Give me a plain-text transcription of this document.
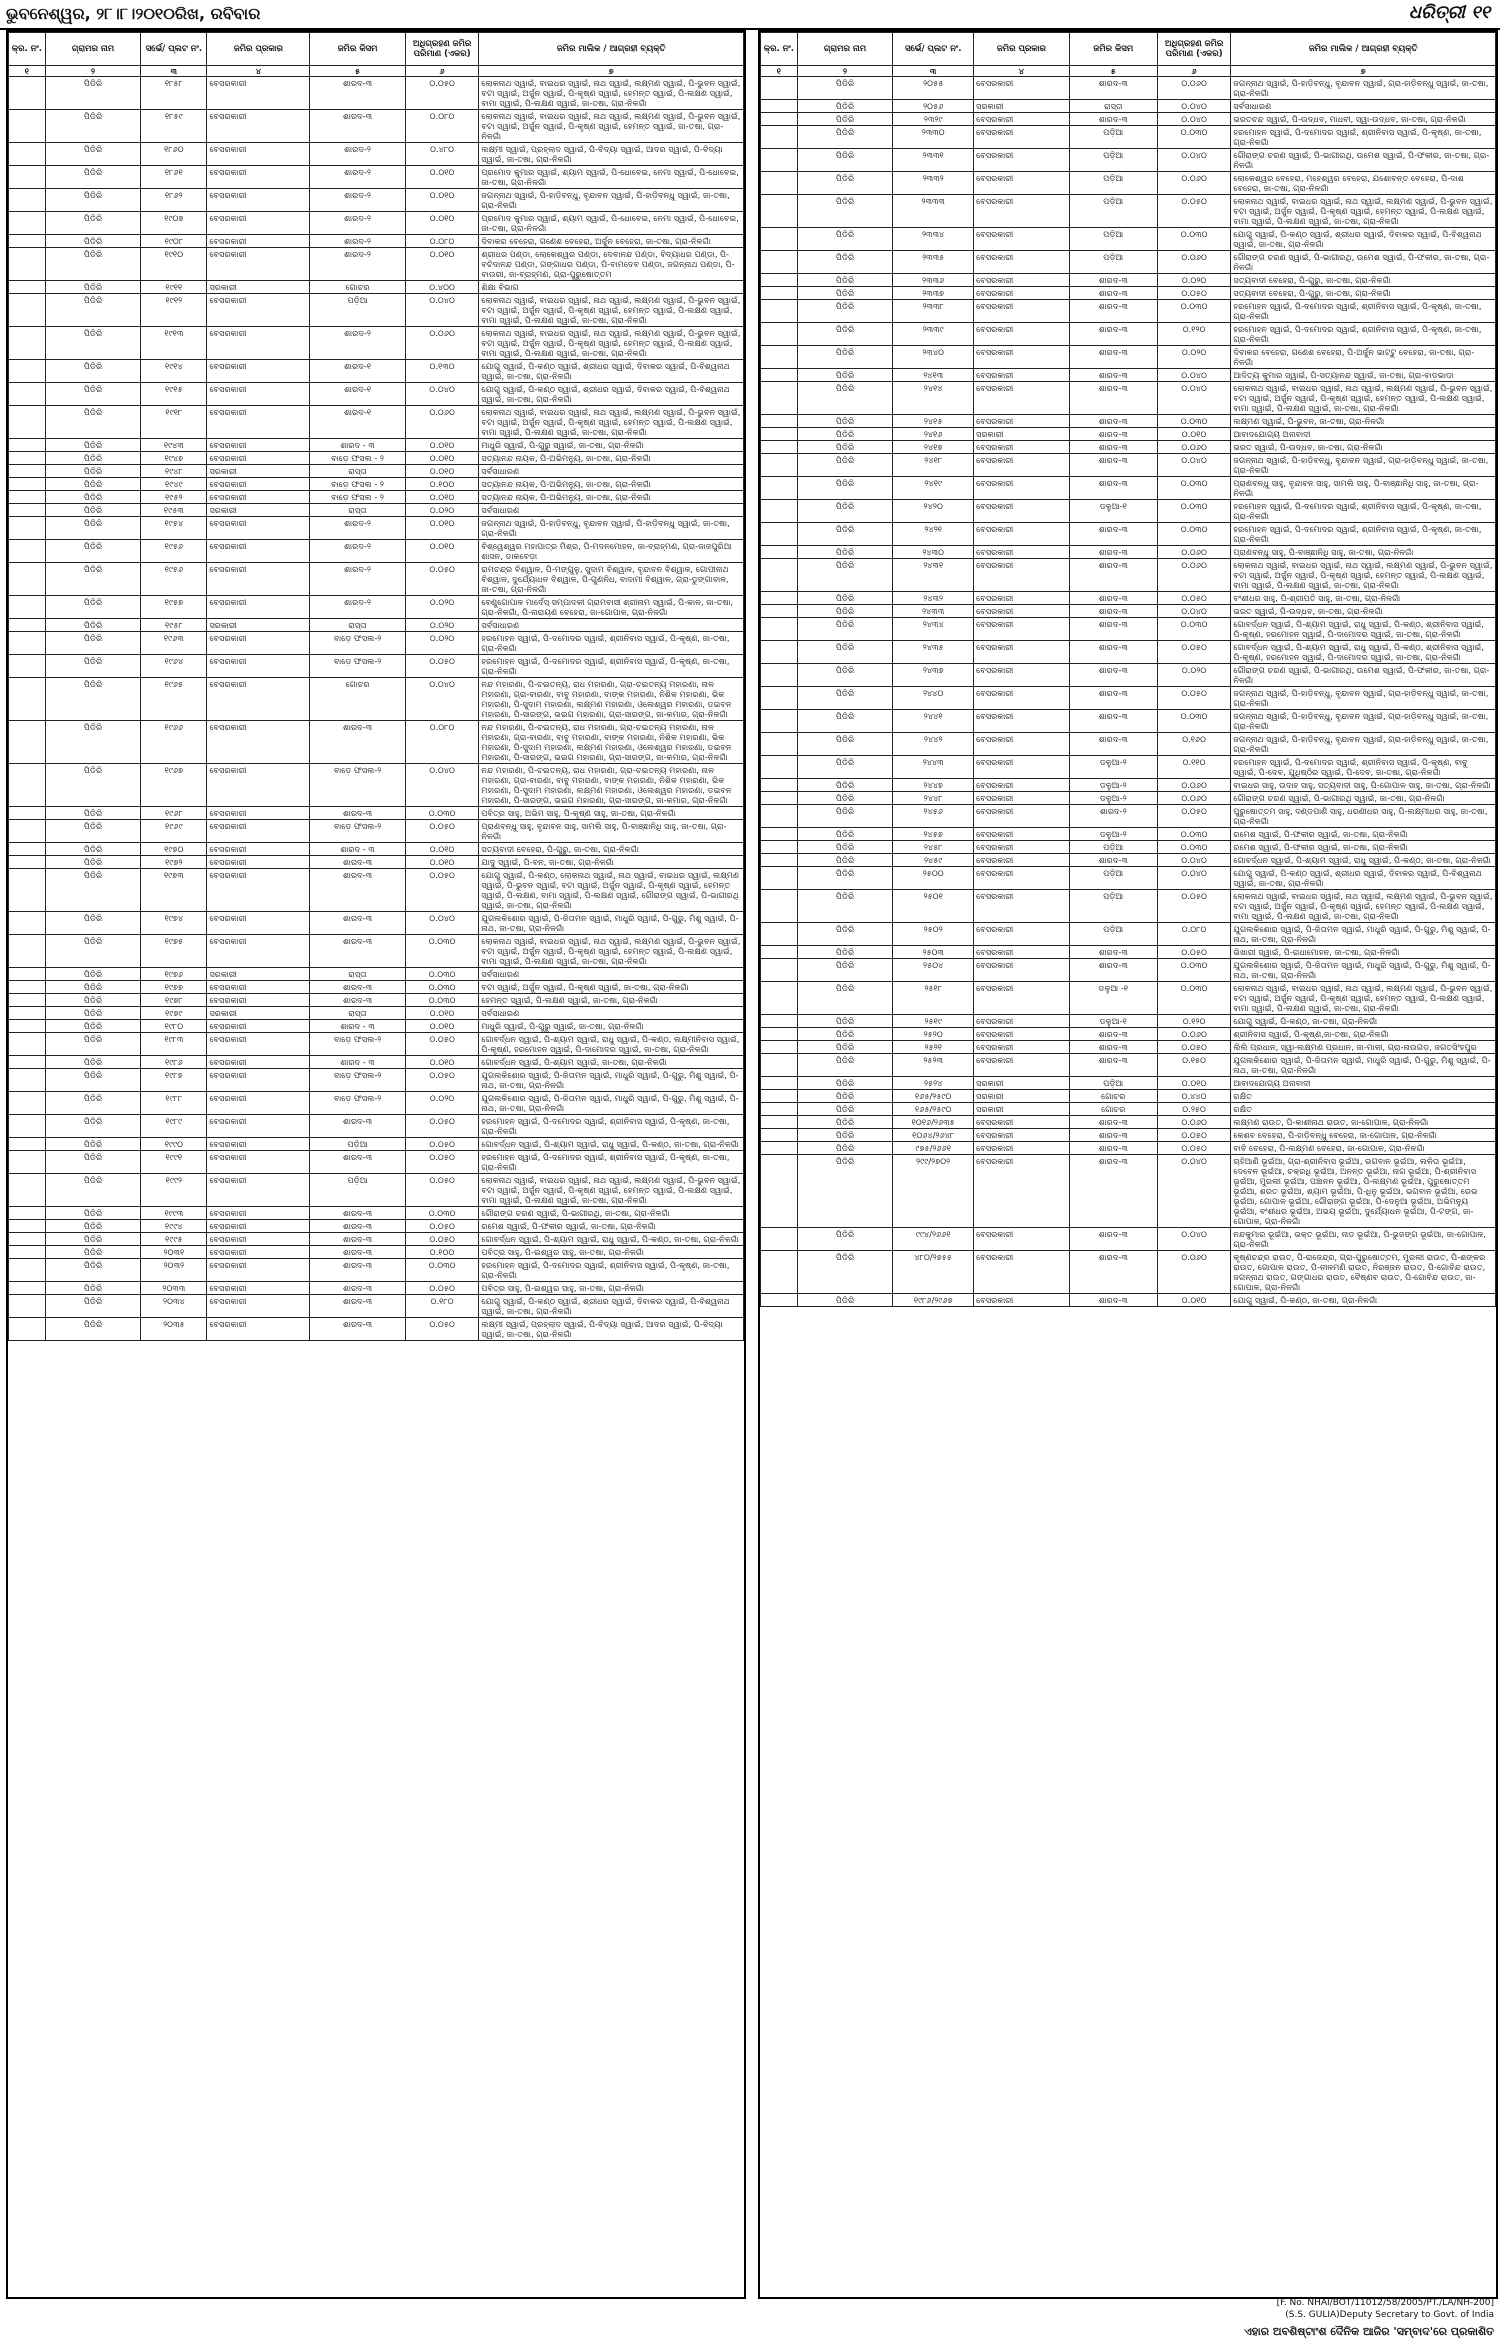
ଭୁବନେଶ୍ୱର, ୨୮।୮।୨୦୧୦ରିଖ, ରବିବାର	ଧରିତ୍ରୀ ୧୧
କ୍ର. ନଂ.	ଗ୍ରାମର ନାମ	ସର୍ଭେ/ ପ୍ଲଟ ନଂ.	ଜମିର ପ୍ରକାର	ଜମିର କିସମ	ଅଧିଗ୍ରହଣ ଜମିର ପରିମାଣ (ଏକର)	ଜମିର ମାଲିକ / ଆଗ୍ରହୀ ବ୍ୟକ୍ତି
୧	୨	୩	୪	୫	୬	୭
	ପିଡିରି	୧୮୫୮	ବେସରକାରୀ	ଶାରଦ-୩	୦.୦୫୦	ଲୋକନାଥ ସ୍ୱାଇଁ, ବାଇଧର ସ୍ୱାଇଁ, ନାଥ ସ୍ୱାଇଁ, ଲକ୍ଷ୍ମଣ ସ୍ୱାଇଁ, ପି-ଭୁବନ ସ୍ୱାଇଁ, ବଟା ସ୍ୱାଇଁ, ଅର୍ଜୁନ ସ୍ୱାଇଁ, ପି-କୃଷ୍ଣ ସ୍ୱାଇଁ, ହେମନ୍ତ ସ୍ୱାଇଁ, ପି-ଲକ୍ଷଣ ସ୍ୱାଇଁ, ବାମା ସ୍ୱାଇଁ, ପି-ଲକ୍ଷଣ ସ୍ୱାଇଁ, ଜା-ତଷା, ଗ୍ରା-ନିଳଗାଁ
	ପିଡିରି	୧୮୫୯	ବେସରକାରୀ	ଶାରଦ-୩	୦.୦୮୦	ଲୋକନାଥ ସ୍ୱାଇଁ, ବାଇଧର ସ୍ୱାଇଁ, ନାଥ ସ୍ୱାଇଁ, ଲକ୍ଷ୍ମଣ ସ୍ୱାଇଁ, ପି-ଭୁବନ ସ୍ୱାଇଁ, ବଟା ସ୍ୱାଇଁ, ଅର୍ଜୁନ ସ୍ୱାଇଁ, ପି-କୃଷ୍ଣ ସ୍ୱାଇଁ, ହେମନ୍ତ ସ୍ୱାଇଁ, ଜା-ତଷା, ଗ୍ରା-ନିଳଗାଁ
	ପିଡିରି	୧୮୬୦	ବେସରକାରୀ	ଶାରଦ-୨	୦.୪୮୦	ଲକ୍ଷ୍ମୀ ସ୍ୱାଇଁ, ପ୍ରହ୍ଲାଦ ସ୍ୱାଇଁ, ପି-ବିଦ୍ୟା ସ୍ୱାଇଁ, ଆଦର ସ୍ୱାଇଁ, ପି-ବିଦ୍ୟା ସ୍ୱାଇଁ, ଜା-ତଷା, ଗ୍ରା-ନିଳଗାଁ
	ପିଡିରି	୧୮୬୧	ବେସରକାରୀ	ଶାରଦ-୨	୦.୦୧୦	ପ୍ରମୋଦ କୁମାର ସ୍ୱାଇଁ, ଶ୍ୟାମ ସ୍ୱାଇଁ, ପି-ଧୋବେଇ, ନେମା ସ୍ୱାଇଁ, ପି-ଧୋବେଇ, ଜା-ତଷା, ଗ୍ରା-ନିଳଗାଁ
	ପିଡିରି	୧୮୬୨	ବେସରକାରୀ	ଶାରଦ-୨	୦.୦୧୦	ଜଗନ୍ନାଥ ସ୍ୱାଇଁ, ପି-ହାଡ଼ିବନ୍ଧୁ, ବୃନ୍ଦାବନ ସ୍ୱାଇଁ, ପି-ହାଡ଼ିବନ୍ଧୁ ସ୍ୱାଇଁ, ଜା-ତଷା, ଗ୍ରା-ନିଳଗାଁ
	ପିଡିରି	୧୯୦୭	ବେସରକାରୀ	ଶାରଦ-୨	୦.୦୧୦	ପ୍ରମୋଦ କୁମାର ସ୍ୱାଇଁ, ଶ୍ୟାମ ସ୍ୱାଇଁ, ପି-ଧୋବେଇ, ନେମା ସ୍ୱାଇଁ, ପି-ଧୋବେଇ, ଜା-ତଷା, ଗ୍ରା-ନିଳଗାଁ
	ପିଡିରି	୧୯୦୮	ବେସରକାରୀ	ଶାରଦ-୨	୦.୦୮୦	ଦିବାକର ବେହେରା, ଗଣେଶ ବେହେରା, ଅର୍ଜୁନ ବେହେରା, ଜା-ତଷା, ଗ୍ରା-ନିଳଗାଁ
	ପିଡିରି	୧୯୧୦	ବେସରକାରୀ	ଶାରଦ-୨	୦.୦୧୦	ଶ୍ରୀଧର ପଣ୍ଡା, ଲୋକେଶ୍ୱର ପଣ୍ଡା, ଦେବାନନ୍ଦ ପଣ୍ଡା, ବିଦ୍ୟାଧର ପଣ୍ଡା, ପି-ବଚିଦାନନ୍ଦ ପଣ୍ଡା, ଗଙ୍ଗାଧର ପଣ୍ଡା, ପି-ବାମଦେବ ପଣ୍ଡା, ଜଗନ୍ନାଥ ପଣ୍ଡା, ପି-ବାଉରୀ, ଜା-ବ୍ରାହ୍ମଣ, ଗ୍ରା-ପୁରୁଷୋତ୍ତମ
	ପିଡିରି	୧୯୧୧	ସରକାରୀ	ଗୋଚର	୦.୪୦୦	ଶିକ୍ଷା ବିଭାଗ
	ପିଡିରି	୧୯୧୨	ବେସରକାରୀ	ପଡ଼ିଆ	୦.୦୪୦	ଲୋକନାଥ ସ୍ୱାଇଁ, ବାଇଧର ସ୍ୱାଇଁ, ନାଥ ସ୍ୱାଇଁ, ଲକ୍ଷ୍ମଣ ସ୍ୱାଇଁ, ପି-ଭୁବନ ସ୍ୱାଇଁ, ବଟା ସ୍ୱାଇଁ, ଅର୍ଜୁନ ସ୍ୱାଇଁ, ପି-କୃଷ୍ଣ ସ୍ୱାଇଁ, ହେମନ୍ତ ସ୍ୱାଇଁ, ପି-ଲକ୍ଷଣ ସ୍ୱାଇଁ, ବାମା ସ୍ୱାଇଁ, ପି-ଲକ୍ଷଣ ସ୍ୱାଇଁ, ଜା-ତଷା, ଗ୍ରା-ନିଳଗାଁ
	ପିଡିରି	୧୯୧୩	ବେସରକାରୀ	ଶାରଦ-୨	୦.୦୬୦	ଲୋକନାଥ ସ୍ୱାଇଁ, ବାଇଧର ସ୍ୱାଇଁ, ନାଥ ସ୍ୱାଇଁ, ଲକ୍ଷ୍ମଣ ସ୍ୱାଇଁ, ପି-ଭୁବନ ସ୍ୱାଇଁ, ବଟା ସ୍ୱାଇଁ, ଅର୍ଜୁନ ସ୍ୱାଇଁ, ପି-କୃଷ୍ଣ ସ୍ୱାଇଁ, ହେମନ୍ତ ସ୍ୱାଇଁ, ପି-ଲକ୍ଷଣ ସ୍ୱାଇଁ, ବାମା ସ୍ୱାଇଁ, ପି-ଲକ୍ଷଣ ସ୍ୱାଇଁ, ଜା-ତଷା, ଗ୍ରା-ନିଳଗାଁ
	ପିଡିରି	୧୯୧୪	ବେସରକାରୀ	ଶାରଦ-୧	୦.୧୩୦	ଯୋଗୁ ସ୍ୱାଇଁ, ପି-କଣ୍ଠ ସ୍ୱାଇଁ, ଶ୍ରୀଧର ସ୍ୱାଇଁ, ଦିବାକର ସ୍ୱାଇଁ, ପି-ବିଶ୍ୱନାଥ ସ୍ୱାଇଁ, ଜା-ତଷା, ଗ୍ରା-ନିଳଗାଁ
	ପିଡିରି	୧୯୧୫	ବେସରକାରୀ	ଶାରଦ-୧	୦.୦୪୦	ଯୋଗୁ ସ୍ୱାଇଁ, ପି-କଣ୍ଠ ସ୍ୱାଇଁ, ଶ୍ରୀଧର ସ୍ୱାଇଁ, ଦିବାକର ସ୍ୱାଇଁ, ପି-ବିଶ୍ୱନାଥ ସ୍ୱାଇଁ, ଜା-ତଷା, ଗ୍ରା-ନିଳଗାଁ
	ପିଡିରି	୧୯୧୮	ବେସରକାରୀ	ଶାରଦ-୧	୦.୦୬୦	ଲୋକନାଥ ସ୍ୱାଇଁ, ବାଇଧର ସ୍ୱାଇଁ, ନାଥ ସ୍ୱାଇଁ, ଲକ୍ଷ୍ମଣ ସ୍ୱାଇଁ, ପି-ଭୁବନ ସ୍ୱାଇଁ, ବଟା ସ୍ୱାଇଁ, ଅର୍ଜୁନ ସ୍ୱାଇଁ, ପି-କୃଷ୍ଣ ସ୍ୱାଇଁ, ହେମନ୍ତ ସ୍ୱାଇଁ, ପି-ଲକ୍ଷଣ ସ୍ୱାଇଁ, ବାମା ସ୍ୱାଇଁ, ପି-ଲକ୍ଷଣ ସ୍ୱାଇଁ, ଜା-ତଷା, ଗ୍ରା-ନିଳଗାଁ
	ପିଡିରି	୧୯୪୩	ବେସରକାରୀ	ଶାରଦ - ୩	୦.୦୧୦	ମାଧୁରି ସ୍ୱାଇଁ, ପି-ଗୁରୁ ସ୍ୱାଇଁ, ଜା-ତଷା, ଗ୍ରା-ନିଳଗାଁ
	ପିଡିରି	୧୯୪୭	ବେସରକାରୀ	ବାଡ଼େ ଫସଲ - ୨	୦.୦୧୦	ସତ୍ୟାନନ୍ଦ ନାୟକ, ପି-ଅଭିମନ୍ୟୁ, ଜା-ତଷା, ଗ୍ରା-ନିଳଗାଁ
	ପିଡିରି	୧୯୪୮	ସରକାରୀ	ରାସ୍ତା	୦.୦୧୦	ସର୍ବସାଧାରଣ
	ପିଡିରି	୧୯୪୯	ବେସରକାରୀ	ବାଡ଼େ ଫସଲ - ୨	୦.୧୦୦	ସତ୍ୟାନନ୍ଦ ନାୟକ, ପି-ଅଭିମନ୍ୟୁ, ଜା-ତଷା, ଗ୍ରା-ନିଳଗାଁ
	ପିଡିରି	୧୯୫୨	ବେସରକାରୀ	ବାଡ଼େ ଫସଲ - ୨	୦.୦୧୦	ସତ୍ୟାନନ୍ଦ ନାୟକ, ପି-ଅଭିମନ୍ୟୁ, ଜା-ତଷା, ଗ୍ରା-ନିଳଗାଁ
	ପିଡିରି	୧୯୫୩	ସରକାରୀ	ରାସ୍ତା	୦.୦୨୦	ସର୍ବସାଧାରଣ
	ପିଡିରି	୧୯୫୪	ବେସରକାରୀ	ଶାରଦ-୨	୦.୦୧୦	ଜଗନ୍ନାଥ ସ୍ୱାଇଁ, ପି-ହାଡ଼ିବନ୍ଧୁ, ବୃନ୍ଦାବନ ସ୍ୱାଇଁ, ପି-ହାଡ଼ିବନ୍ଧୁ ସ୍ୱାଇଁ, ଜା-ତଷା, ଗ୍ରା-ନିଳଗାଁ
	ପିଡିରି	୧୯୫୬	ବେସରକାରୀ	ଶାରଦ-୨	୦.୦୧୦	ବିଶ୍ୱେଶ୍ୱର ମହାପାତ୍ର ମିଶ୍ର, ପି-ମଦନମୋହନ, ଜା-ବ୍ରାହ୍ମଣ, ଗ୍ରା-ଜାଜପୁରିଆ ଶାସନ, ଡାକବେଡ଼ା
	ପିଡିରି	୧୯୫୬	ବେସରକାରୀ	ଶାରଦ-୨	୦.୦୫୦	ରାମଚନ୍ଦ୍ର ବିଶ୍ୱାଳ, ପି-ମଙ୍ଗୁଳୁ, ସୁଦାମ ବିଶ୍ୱାଳ, ବୃନ୍ଦାବନ ବିଶ୍ୱାଳ, ଗୋପୀନାଥ ବିଶ୍ୱାଳ, ଦୁର୍ଯ୍ୟୋଧନ ବିଶ୍ୱାଳ, ପି-ଗୁଣନିଧ, ବାଦାମୀ ବିଶ୍ୱାଳ, ଗ୍ରା-ଡୁଙ୍ଗାବାଳ, ଜା-ତଷା, ଗ୍ରା-ନିଳଗାଁ
	ପିଡିରି	୧୯୫୭	ବେସରକାରୀ	ଶାରଦ-୨	୦.୦୨୦	ବେଣୁଗୋପାଳ ମାର୍ଦେସ୍ ସମ୍ପାଦକୀ ଗ୍ରାମବାସୀ ଶ୍ରୀନାମ ସ୍ୱାଇଁ, ପି-କାଳ, ଜା-ତଷା, ଗ୍ରା-ନିଳଗାଁ, ପି-ନାରାୟଣ ବେହେରା, ଜା-ଗୋପାଳ, ଗ୍ରା-ନିଳଗାଁ
	ପିଡିରି	୧୯୫୮	ସରକାରୀ	ରାସ୍ତା	୦.୦୨୦	ସର୍ବସାଧାରଣ
	ପିଡିରି	୧୯୬୩	ବେସରକାରୀ	ବାଡ଼େ ଫସଲ-୨	୦.୦୨୦	ହରମୋହନ ସ୍ୱାଇଁ, ପି-ଦମୋଦର ସ୍ୱାଇଁ, ଶ୍ରୀନିବାସ ସ୍ୱାଇଁ, ପି-କୃଷ୍ଣ, ଜା-ତଷା, ଗ୍ରା-ନିଳଗାଁ
	ପିଡିରି	୧୯୬୪	ବେସରକାରୀ	ବାଡ଼େ ଫସଲ-୨	୦.୦୫୦	ହରମୋହନ ସ୍ୱାଇଁ, ପି-ଦମୋଦର ସ୍ୱାଇଁ, ଶ୍ରୀନିବାସ ସ୍ୱାଇଁ, ପି-କୃଷ୍ଣ, ଜା-ତଷା, ଗ୍ରା-ନିଳଗାଁ
	ପିଡିରି	୧୯୬୫	ବେସରକାରୀ	ଗୋଚର	୦.୦୪୦	ନନ୍ଦ ମହାରଣା, ପି-ଚଇତନ୍ୟ, ରାଧ ମହାରଣା, ଗ୍ରା-ଚଇତନ୍ୟ ମହାରଣା, ନାଳ ମହାରଣା, ଗ୍ରା-ବାରଣା, ବାବୁ ମହାରଣା, ବାଙ୍କ ମହାରଣା, ନିଶିକ ମହାରଣା, ଭିକ ମହାରଣା, ପି-ସୁଦାମ ମହାରଣା, ଲକ୍ଷ୍ମଣ ମହାରଣା, ଓଲେଶ୍ୱର ମହାରଣା, ଡଇବନ ମହାରଣା, ପି-ସାରଙ୍ଗ, ଭଇଗ ମହାରଣା, ଗ୍ରା-ସାରଙ୍ଗ, ଜା-କମାର, ଗ୍ରା-ନିଳଗାଁ
	ପିଡିରି	୧୯୬୬	ବେସରକାରୀ	ଶାରଦ-୩	୦.୦୮୦	ନନ୍ଦ ମହାରଣା, ପି-ଚଇତନ୍ୟ, ରାଧ ମହାରଣା, ଗ୍ରା-ଚଇତନ୍ୟ ମହାରଣା, ନାଳ ମହାରଣା, ଗ୍ରା-ବାରଣା, ବାବୁ ମହାରଣା, ବାଙ୍କ ମହାରଣା, ନିଶିକ ମହାରଣା, ଭିକ ମହାରଣା, ପି-ସୁଦାମ ମହାରଣା, ଲକ୍ଷ୍ମଣ ମହାରଣା, ଓଲେଶ୍ୱର ମହାରଣା, ଡଇବନ ମହାରଣା, ପି-ସାରଙ୍ଗ, ଭଇଗ ମହାରଣା, ଗ୍ରା-ସାରଙ୍ଗ, ଜା-କମାର, ଗ୍ରା-ନିଳଗାଁ
	ପିଡିରି	୧୯୬୭	ବେସରକାରୀ	ବାଡ଼େ ଫସଲ-୨	୦.୦୪୦	ନନ୍ଦ ମହାରଣା, ପି-ଚଇତନ୍ୟ, ରାଧ ମହାରଣା, ଗ୍ରା-ଚଇତନ୍ୟ ମହାରଣା, ନାଳ ମହାରଣା, ଗ୍ରା-ବାରଣା, ବାବୁ ମହାରଣା, ବାଙ୍କ ମହାରଣା, ନିଶିକ ମହାରଣା, ଭିକ ମହାରଣା, ପି-ସୁଦାମ ମହାରଣା, ଲକ୍ଷ୍ମଣ ମହାରଣା, ଓଲେଶ୍ୱର ମହାରଣା, ଡଇବନ ମହାରଣା, ପି-ସାରଙ୍ଗ, ଭଇଗ ମହାରଣା, ଗ୍ରା-ସାରଙ୍ଗ, ଜା-କମାର, ଗ୍ରା-ନିଳଗାଁ
	ପିଡିରି	୧୯୬୮	ବେସରକାରୀ	ଶାରଦ-୩	୦.୦୩୦	ପବିତ୍ର ସାହୁ, ଅଭିମ ସାହୁ, ପି-କୃଷ୍ଣ ସାହୁ, ଜା-ତଷା, ଗ୍ରା-ନିଳଗାଁ
	ପିଡିରି	୧୯୬୯	ବେସରକାରୀ	ବାଡ଼େ ଫସଲ-୨	୦.୦୫୦	ପ୍ରାଣବନ୍ଧୁ ସାହୁ, ବୃନ୍ଦାବନ ସାହୁ, ସାମଲି ସାହୁ, ପି-ବାଞ୍ଛାନିଧି ସାହୁ, ଜା-ତଷା, ଗ୍ରା-ନିଳଗାଁ
	ପିଡିରି	୧୯୭୦	ବେସରକାରୀ	ଶାରଦ - ୩	୦.୦୧୦	ସତ୍ୟବାଦୀ ବେହେରା, ପି-ଗୁରୁ, ଜା-ତଷା, ଗ୍ରା-ନିଳଗାଁ
	ପିଡିରି	୧୯୭୨	ବେସରକାରୀ	ଶାରଦ-୩	୦.୦୧୦	ଯାଦୁ ସ୍ୱାଇଁ, ପି-ବନ, ଜା-ତଷା, ଗ୍ରା-ନିଳଗାଁ
	ପିଡିରି	୧୯୭୩	ବେସରକାରୀ	ଶାରଦ-୩	୦.୦୫୦	ଯୋଗୁ ସ୍ୱାଇଁ, ପି-କଣ୍ଠ, ଲୋକନାଥ ସ୍ୱାଇଁ, ନାଥ ସ୍ୱାଇଁ, ବାଇଧର ସ୍ୱାଇଁ, ଲକ୍ଷ୍ମଣ ସ୍ୱାଇଁ, ପି-ଭୁବନ ସ୍ୱାଇଁ, ବଟା ସ୍ୱାଇଁ, ଅର୍ଜୁନ ସ୍ୱାଇଁ, ପି-କୃଷ୍ଣ ସ୍ୱାଇଁ, ହେମନ୍ତ ସ୍ୱାଇଁ, ପି-ଲକ୍ଷଣ, ବାମା ସ୍ୱାଇଁ, ପି-ଲକ୍ଷଣ ସ୍ୱାଇଁ, ଗୌରାଙ୍ଗ ସ୍ୱାଇଁ, ପି-ଭାଗୀରଥି ସ୍ୱାଇଁ, ଜା-ତଷା, ଗ୍ରା-ନିଳଗାଁ
	ପିଡିରି	୧୯୭୪	ବେସରକାରୀ	ଶାରଦ-୩	୦.୦୪୦	ଯୁଗଲକିଶୋର ସ୍ୱାଇଁ, ପି-ଜିତାମନ ସ୍ୱାଇଁ, ମାଧୁରି ସ୍ୱାଇଁ, ପି-ଗୁରୁ, ମିଶୁ ସ୍ୱାଇଁ, ପି-ନାଥ, ଜା-ତଷା, ଗ୍ରା-ନିଳଗାଁ
	ପିଡିରି	୧୯୭୫	ବେସରକାରୀ	ଶାରଦ-୩	୦.୦୩୦	ଲୋକନାଥ ସ୍ୱାଇଁ, ବାଇଧର ସ୍ୱାଇଁ, ନାଥ ସ୍ୱାଇଁ, ଲକ୍ଷ୍ମଣ ସ୍ୱାଇଁ, ପି-ଭୁବନ ସ୍ୱାଇଁ, ବଟା ସ୍ୱାଇଁ, ଅର୍ଜୁନ ସ୍ୱାଇଁ, ପି-କୃଷ୍ଣ ସ୍ୱାଇଁ, ହେମନ୍ତ ସ୍ୱାଇଁ, ପି-ଲକ୍ଷଣ ସ୍ୱାଇଁ, ବାମା ସ୍ୱାଇଁ, ପି-ଲକ୍ଷଣ ସ୍ୱାଇଁ, ଜା-ତଷା, ଗ୍ରା-ନିଳଗାଁ
	ପିଡିରି	୧୯୭୬	ସରକାରୀ	ରାସ୍ତା	୦.୦୩୦	ସର୍ବସାଧାରଣ
	ପିଡିରି	୧୯୭୭	ବେସରକାରୀ	ଶାରଦ-୩	୦.୦୩୦	ବଟା ସ୍ୱାଇଁ, ଅର୍ଜୁନ ସ୍ୱାଇଁ, ପି-କୃଷ୍ଣ ସ୍ୱାଇଁ, ଜା-ତଷା, ଗ୍ରା-ନିଳଗାଁ
	ପିଡିରି	୧୯୭୮	ବେସରକାରୀ	ଶାରଦ-୩	୦.୦୩୦	ହେମନ୍ତ ସ୍ୱାଇଁ, ପି-ଲକ୍ଷଣ ସ୍ୱାଇଁ, ଜା-ତଷା, ଗ୍ରା-ନିଳଗାଁ
	ପିଡିରି	୧୯୭୯	ସରକାରୀ	ରାସ୍ତା	୦.୦୧୦	ସର୍ବସାଧାରଣ
	ପିଡିରି	୧୯୮୦	ବେସରକାରୀ	ଶାରଦ - ୩	୦.୦୧୦	ମାଧୁରି ସ୍ୱାଇଁ, ପି-ଗୁରୁ ସ୍ୱାଇଁ, ଜା-ତଷା, ଗ୍ରା-ନିଳଗାଁ
	ପିଡିରି	୧୯୮୩	ବେସରକାରୀ	ବାଡ଼େ ଫସଲ-୨	୦.୦୫୦	ଗୋବର୍ଦ୍ଧନ ସ୍ୱାଇଁ, ପି-ଶ୍ୟାମ ସ୍ୱାଇଁ, ରାଧୁ ସ୍ୱାଇଁ, ପି-କଣ୍ଠ, ଲକ୍ଷ୍ମୀନିବାସ ସ୍ୱାଇଁ, ପି-କୃଷ୍ଣ, ହରମୋହନ ସ୍ୱାଇଁ, ପି-ଦାମୋଦର ସ୍ୱାଇଁ, ଜା-ତଷା, ଗ୍ରା-ନିଳଗାଁ
	ପିଡିରି	୧୯୮୬	ବେସରକାରୀ	ଶାରଦ - ୩	୦.୦୧୦	ଗୋବର୍ଦ୍ଧନ ସ୍ୱାଇଁ, ପି-ଶ୍ୟାମ ସ୍ୱାଇଁ, ଜା-ତଷା, ଗ୍ରା-ନିଳଗାଁ
	ପିଡିରି	୧୯୮୭	ବେସରକାରୀ	ବାଡ଼େ ଫସଲ-୨	୦.୦୫୦	ଯୁଗଲକିଶୋର ସ୍ୱାଇଁ, ପି-ଜିତାମନ ସ୍ୱାଇଁ, ମାଧୁରି ସ୍ୱାଇଁ, ପି-ଗୁରୁ, ମିଶୁ ସ୍ୱାଇଁ, ପି-ନାଥ, ଜା-ତଷା, ଗ୍ରା-ନିଳଗାଁ
	ପିଡିରି	୧୯୮୮	ବେସରକାରୀ	ବାଡ଼େ ଫସଲ-୨	୦.୦୨୦	ଯୁଗଲକିଶୋର ସ୍ୱାଇଁ, ପି-ଜିତାମନ ସ୍ୱାଇଁ, ମାଧୁରି ସ୍ୱାଇଁ, ପି-ଗୁରୁ, ମିଶୁ ସ୍ୱାଇଁ, ପି-ନାଥ, ଜା-ତଷା, ଗ୍ରା-ନିଳଗାଁ
	ପିଡିରି	୧୯୮୯	ବେସରକାରୀ	ଶାରଦ-୩	୦.୦୫୦	ହରମୋହନ ସ୍ୱାଇଁ, ପି-ଦମୋଦର ସ୍ୱାଇଁ, ଶ୍ରୀନିବାସ ସ୍ୱାଇଁ, ପି-କୃଷ୍ଣ, ଜା-ତଷା, ଗ୍ରା-ନିଳଗାଁ
	ପିଡିରି	୧୯୯୦	ବେସରକାରୀ	ପଡ଼ିଆ	୦.୦୫୦	ଗୋବର୍ଦ୍ଧନ ସ୍ୱାଇଁ, ପି-ଶ୍ୟାମ ସ୍ୱାଇଁ, ରାଧୁ ସ୍ୱାଇଁ, ପି-କଣ୍ଠ, ଜା-ତଷା, ଗ୍ରା-ନିଳଗାଁ
	ପିଡିରି	୧୯୯୧	ବେସରକାରୀ	ଶାରଦ-୩	୦.୦୫୦	ହରମୋହନ ସ୍ୱାଇଁ, ପି-ଦମୋଦର ସ୍ୱାଇଁ, ଶ୍ରୀନିବାସ ସ୍ୱାଇଁ, ପି-କୃଷ୍ଣ, ଜା-ତଷା, ଗ୍ରା-ନିଳଗାଁ
	ପିଡିରି	୧୯୯୨	ବେସରକାରୀ	ପଡ଼ିଆ	୦.୦୫୦	ଲୋକନାଥ ସ୍ୱାଇଁ, ବାଇଧର ସ୍ୱାଇଁ, ନାଥ ସ୍ୱାଇଁ, ଲକ୍ଷ୍ମଣ ସ୍ୱାଇଁ, ପି-ଭୁବନ ସ୍ୱାଇଁ, ବଟା ସ୍ୱାଇଁ, ଅର୍ଜୁନ ସ୍ୱାଇଁ, ପି-କୃଷ୍ଣ ସ୍ୱାଇଁ, ହେମନ୍ତ ସ୍ୱାଇଁ, ପି-ଲକ୍ଷଣ ସ୍ୱାଇଁ, ବାମା ସ୍ୱାଇଁ, ପି-ଲକ୍ଷଣ ସ୍ୱାଇଁ, ଜା-ତଷା, ଗ୍ରା-ନିଳଗାଁ
	ପିଡିରି	୧୯୯୩	ବେସରକାରୀ	ଶାରଦ-୩	୦.୦୩୦	ଗୌରାଙ୍ଗ ଚରଣ ସ୍ୱାଇଁ, ପି-ଭାଗୀରଥି, ଜା-ତଷା, ଗ୍ରା-ନିଳଗାଁ
	ପିଡିରି	୧୯୯୪	ବେସରକାରୀ	ଶାରଦ-୩	୦.୦୫୦	ରମେଶ ସ୍ୱାଇଁ, ପି-ଫକୀର ସ୍ୱାଇଁ, ଜା-ତଷା, ଗ୍ରା-ନିଳଗାଁ
	ପିଡିରି	୧୯୯୫	ବେସରକାରୀ	ଶାରଦ-୩	୦.୦୫୦	ଗୋବର୍ଦ୍ଧନ ସ୍ୱାଇଁ, ପି-ଶ୍ୟାମ ସ୍ୱାଇଁ, ରାଧୁ ସ୍ୱାଇଁ, ପି-କଣ୍ଠ, ଜା-ତଷା, ଗ୍ରା-ନିଳଗାଁ
	ପିଡିରି	୨୦୩୧	ବେସରକାରୀ	ଶାରଦ-୩	୦.୧୦୦	ପବିତ୍ର ସାହୁ, ପି-ଇଶ୍ୱର ସାହୁ, ଜା-ତଷା, ଗ୍ରା-ନିଳଗାଁ
	ପିଡିରି	୨୦୩୨	ବେସରକାରୀ	ଶାରଦ-୩	୦.୦୩୦	ହରମୋହନ ସ୍ୱାଇଁ, ପି-ଦମୋଦର ସ୍ୱାଇଁ, ଶ୍ରୀନିବାସ ସ୍ୱାଇଁ, ପି-କୃଷ୍ଣ, ଜା-ତଷା, ଗ୍ରା-ନିଳଗାଁ
	ପିଡିରି	୨୦୩୩	ବେସରକାରୀ	ଶାରଦ-୩	୦.୦୫୦	ପବିତ୍ର ସାହୁ, ପି-ଇଶ୍ୱର ସାହୁ, ଜା-ତଷା, ଗ୍ରା-ନିଳଗାଁ
	ପିଡିରି	୨୦୩୪	ବେସରକାରୀ	ଶାରଦ-୩	୦.୧୮୦	ଯୋଗୁ ସ୍ୱାଇଁ, ପି-କଣ୍ଠ ସ୍ୱାଇଁ, ଶ୍ରୀଧର ସ୍ୱାଇଁ, ଦିବାକର ସ୍ୱାଇଁ, ପି-ବିଶ୍ୱନାଥ ସ୍ୱାଇଁ, ଜା-ତଷା, ଗ୍ରା-ନିଳଗାଁ
	ପିଡିରି	୨୦୩୫	ବେସରକାରୀ	ଶାରଦ-୩	୦.୦୫୦	ଲକ୍ଷ୍ମୀ ସ୍ୱାଇଁ, ପ୍ରହ୍ଲାଦ ସ୍ୱାଇଁ, ପି-ବିଦ୍ୟା ସ୍ୱାଇଁ, ଆଦର ସ୍ୱାଇଁ, ପି-ବିଦ୍ୟା ସ୍ୱାଇଁ, ଜା-ତଷା, ଗ୍ରା-ନିଳଗାଁ
କ୍ର. ନଂ.	ଗ୍ରାମର ନାମ	ସର୍ଭେ/ ପ୍ଲଟ ନଂ.	ଜମିର ପ୍ରକାର	ଜମିର କିସମ	ଅଧିଗ୍ରହଣ ଜମିର ପରିମାଣ (ଏକର)	ଜମିର ମାଲିକ / ଆଗ୍ରହୀ ବ୍ୟକ୍ତି
୧	୨	୩	୪	୫	୬	୭
	ପିଡିରି	୨୦୫୫	ବେସରକାରୀ	ଶାରଦ-୩	୦.୦୬୦	ଜଗନ୍ନାଥ ସ୍ୱାଇଁ, ପି-ହାଡ଼ିବନ୍ଧୁ, ବୃନ୍ଦାବନ ସ୍ୱାଇଁ, ଗ୍ରା-ହାଡ଼ିବନ୍ଧୁ ସ୍ୱାଇଁ, ଜା-ତଷା, ଗ୍ରା-ନିଳଗାଁ
	ପିଡିରି	୨୦୫୬	ସରକାରୀ	ରାସ୍ତା	୦.୦୪୦	ସର୍ବସାଧାରଣ
	ପିଡିରି	୨୩୨୯	ବେସରକାରୀ	ଶାରଦ-୩	୦.୦୪୦	ଭରତଚନ୍ଦ ସ୍ୱାଇଁ, ପି-ଉଦ୍ଧବ, ମାଧବୀ, ସ୍ୱା-ଉଦ୍ଧବ, ଜା-ତଷା, ଗ୍ରା-ନିଳଗାଁ
	ପିଡିରି	୨୩୩୦	ବେସରକାରୀ	ପଡ଼ିଆ	୦.୦୩୦	ହରମୋହନ ସ୍ୱାଇଁ, ପି-ଦମୋଦର ସ୍ୱାଇଁ, ଶ୍ରୀନିବାସ ସ୍ୱାଇଁ, ପି-କୃଷ୍ଣ, ଜା-ତଷା, ଗ୍ରା-ନିଳଗାଁ
	ପିଡିରି	୨୩୩୧	ବେସରକାରୀ	ପଡ଼ିଆ	୦.୦୪୦	ଗୌରାଙ୍ଗ ଚରଣ ସ୍ୱାଇଁ, ପି-ଭାଗୀରଥି, ଉମେଶ ସ୍ୱାଇଁ, ପି-ଫକୀର, ଜା-ତଷା, ଗ୍ରା-ନିଳଗାଁ
	ପିଡିରି	୨୩୩୨	ବେସରକାରୀ	ପଡ଼ିଆ	୦.୦୬୦	ଲୋକେଶ୍ୱର ବେହେରା, ମହେଶ୍ୱର ବେହେରା, ଯଶୋବନ୍ତ ବେହେରା, ପି-ଦାଶ ବେହେରା, ଜା-ତଷା, ଗ୍ରା-ନିଳଗାଁ
	ପିଡିରି	୨୩୩୩	ବେସରକାରୀ	ପଡ଼ିଆ	୦.୦୫୦	ଲୋକନାଥ ସ୍ୱାଇଁ, ବାଇଧର ସ୍ୱାଇଁ, ନାଥ ସ୍ୱାଇଁ, ଲକ୍ଷ୍ମଣ ସ୍ୱାଇଁ, ପି-ଭୁବନ ସ୍ୱାଇଁ, ବଟା ସ୍ୱାଇଁ, ଅର୍ଜୁନ ସ୍ୱାଇଁ, ପି-କୃଷ୍ଣ ସ୍ୱାଇଁ, ହେମନ୍ତ ସ୍ୱାଇଁ, ପି-ଲକ୍ଷଣ ସ୍ୱାଇଁ, ବାମା ସ୍ୱାଇଁ, ପି-ଲକ୍ଷଣ ସ୍ୱାଇଁ, ଜା-ତଷା, ଗ୍ରା-ନିଳଗାଁ
	ପିଡିରି	୨୩୩୪	ବେସରକାରୀ	ପଡ଼ିଆ	୦.୦୩୦	ଯୋଗୁ ସ୍ୱାଇଁ, ପି-କଣ୍ଠ ସ୍ୱାଇଁ, ଶ୍ରୀଧର ସ୍ୱାଇଁ, ଦିବାକର ସ୍ୱାଇଁ, ପି-ବିଶ୍ୱନାଥ ସ୍ୱାଇଁ, ଜା-ତଷା, ଗ୍ରା-ନିଳଗାଁ
	ପିଡିରି	୨୩୩୫	ବେସରକାରୀ	ପଡ଼ିଆ	୦.୦୬୦	ଗୌରାଙ୍ଗ ଚରଣ ସ୍ୱାଇଁ, ପି-ଭାଗୀରଥି, ଉମେଶ ସ୍ୱାଇଁ, ପି-ଫକୀର, ଜା-ତଷା, ଗ୍ରା-ନିଳଗାଁ
	ପିଡିରି	୨୩୩୬	ବେସରକାରୀ	ଶାରଦ-୩	୦.୦୨୦	ସତ୍ୟବାଦୀ ବେହେରା, ପି-ଗୁରୁ, ଜା-ତଷା, ଗ୍ରା-ନିଳଗାଁ
	ପିଡିରି	୨୩୩୭	ବେସରକାରୀ	ଶାରଦ-୩	୦.୦୫୦	ସତ୍ୟବାଦୀ ବେହେରା, ପି-ଗୁରୁ, ଜା-ତଷା, ଗ୍ରା-ନିଳଗାଁ
	ପିଡିରି	୨୩୩୮	ବେସରକାରୀ	ଶାରଦ-୩	୦.୦୩୦	ହରମୋହନ ସ୍ୱାଇଁ, ପି-ଦମୋଦର ସ୍ୱାଇଁ, ଶ୍ରୀନିବାସ ସ୍ୱାଇଁ, ପି-କୃଷ୍ଣ, ଜା-ତଷା, ଗ୍ରା-ନିଳଗାଁ
	ପିଡିରି	୨୩୩୯	ବେସରକାରୀ	ଶାରଦ-୩	୦.୧୨୦	ହରମୋହନ ସ୍ୱାଇଁ, ପି-ଦମୋଦର ସ୍ୱାଇଁ, ଶ୍ରୀନିବାସ ସ୍ୱାଇଁ, ପି-କୃଷ୍ଣ, ଜା-ତଷା, ଗ୍ରା-ନିଳଗାଁ
	ପିଡିରି	୨୩୪୦	ବେସରକାରୀ	ଶାରଦ-୩	୦.୦୨୦	ଦିବାକର ବେହେରା, ଗଣେଶ ବେହେରା, ପି-ଅର୍ଜୁନ ଭାଟ୍ଟୁ ବେହେରା, ଜା-ତଷା, ଗ୍ରା-ନିଳଗାଁ
	ପିଡିରି	୨୪୧୩	ବେସରକାରୀ	ଶାରଦ-୩	୦.୦୪୦	ଆଦିତ୍ୟ କୁମାର ସ୍ୱାଇଁ, ପି-ସତ୍ୟାନନ୍ଦ ସ୍ୱାଇଁ, ଜା-ତଷା, ଗ୍ରା-ବାଡ଼ଭାଡା
	ପିଡିରି	୨୪୧୪	ବେସରକାରୀ	ଶାରଦ-୩	୦.୦୪୦	ଲୋକନାଥ ସ୍ୱାଇଁ, ବାଇଧର ସ୍ୱାଇଁ, ନାଥ ସ୍ୱାଇଁ, ଲକ୍ଷ୍ମଣ ସ୍ୱାଇଁ, ପି-ଭୁବନ ସ୍ୱାଇଁ, ବଟା ସ୍ୱାଇଁ, ଅର୍ଜୁନ ସ୍ୱାଇଁ, ପି-କୃଷ୍ଣ ସ୍ୱାଇଁ, ହେମନ୍ତ ସ୍ୱାଇଁ, ପି-ଲକ୍ଷଣ ସ୍ୱାଇଁ, ବାମା ସ୍ୱାଇଁ, ପି-ଲକ୍ଷଣ ସ୍ୱାଇଁ, ଜା-ତଷା, ଗ୍ରା-ନିଳଗାଁ
	ପିଡିରି	୨୪୧୫	ବେସରକାରୀ	ଶାରଦ-୩	୦.୦୩୦	ଲକ୍ଷ୍ମଣ ସ୍ୱାଇଁ, ପି-ଭୁବନ, ଜା-ତଷା, ଗ୍ରା-ନିଳଗାଁ
	ପିଡିରି	୨୪୧୬	ସରକାରୀ	ଶାରଦ-୩	୦.୦୧୦	ଆବାଦଯୋଗ୍ୟ ଅନାବାଦୀ
	ପିଡିରି	୨୪୧୭	ବେସରକାରୀ	ଶାରଦ-୩	୦.୦୬୦	ଭରତ ସ୍ୱାଇଁ, ପି-ଉଦ୍ଧବ, ଜା-ତଷା, ଗ୍ରା-ନିଳଗାଁ
	ପିଡିରି	୨୪୧୮	ବେସରକାରୀ	ଶାରଦ-୩	୦.୦୪୦	ଜଗନ୍ନାଥ ସ୍ୱାଇଁ, ପି-ହାଡ଼ିବନ୍ଧୁ, ବୃନ୍ଦାବନ ସ୍ୱାଇଁ, ଗ୍ରା-ହାଡ଼ିବନ୍ଧୁ ସ୍ୱାଇଁ, ଜା-ତଷା, ଗ୍ରା-ନିଳଗାଁ
	ପିଡିରି	୨୪୧୯	ବେସରକାରୀ	ଶାରଦ-୩	୦.୦୩୦	ପ୍ରାଣବନ୍ଧୁ ସାହୁ, ବୃନ୍ଦାବନ ସାହୁ, ସାମଲି ସାହୁ, ପି-ବାଞ୍ଛାନିଧି ସାହୁ, ଜା-ତଷା, ଗ୍ରା-ନିଳଗାଁ
	ପିଡିରି	୨୪୨୦	ବେସରକାରୀ	ଡଳୁଆ-୧	୦.୦୩୦	ହରମୋହନ ସ୍ୱାଇଁ, ପି-ଦମୋଦର ସ୍ୱାଇଁ, ଶ୍ରୀନିବାସ ସ୍ୱାଇଁ, ପି-କୃଷ୍ଣ, ଜା-ତଷା, ଗ୍ରା-ନିଳଗାଁ
	ପିଡିରି	୨୪୨୧	ବେସରକାରୀ	ଶାରଦ-୩	୦.୦୩୦	ହରମୋହନ ସ୍ୱାଇଁ, ପି-ଦମୋଦର ସ୍ୱାଇଁ, ଶ୍ରୀନିବାସ ସ୍ୱାଇଁ, ପି-କୃଷ୍ଣ, ଜା-ତଷା, ଗ୍ରା-ନିଳଗାଁ
	ପିଡିରି	୨୪୩୦	ବେସରକାରୀ	ଶାରଦ-୩	୦.୦୬୦	ପ୍ରାଣବନ୍ଧୁ ସାହୁ, ପି-ବାଞ୍ଛାନିଧି ସାହୁ, ଜା-ତଷା, ଗ୍ରା-ନିଳଗାଁ
	ପିଡିରି	୨୪୩୧	ବେସରକାରୀ	ଶାରଦ-୩	୦.୦୬୦	ଲୋକନାଥ ସ୍ୱାଇଁ, ବାଇଧର ସ୍ୱାଇଁ, ନାଥ ସ୍ୱାଇଁ, ଲକ୍ଷ୍ମଣ ସ୍ୱାଇଁ, ପି-ଭୁବନ ସ୍ୱାଇଁ, ବଟା ସ୍ୱାଇଁ, ଅର୍ଜୁନ ସ୍ୱାଇଁ, ପି-କୃଷ୍ଣ ସ୍ୱାଇଁ, ହେମନ୍ତ ସ୍ୱାଇଁ, ପି-ଲକ୍ଷଣ ସ୍ୱାଇଁ, ବାମା ସ୍ୱାଇଁ, ପି-ଲକ୍ଷଣ ସ୍ୱାଇଁ, ଜା-ତଷା, ଗ୍ରା-ନିଳଗାଁ
	ପିଡିରି	୨୪୩୨	ବେସରକାରୀ	ଶାରଦ-୩	୦.୦୫୦	ବଂଶୀଧର ସାହୁ, ପି-ଶ୍ରୀପତି ସାହୁ, ଜା-ତଷା, ଗ୍ରା-ନିଳଗାଁ
	ପିଡିରି	୨୪୩୩	ବେସରକାରୀ	ଶାରଦ-୩	୦.୦୪୦	ଭରତ ସ୍ୱାଇଁ, ପି-ଉଦ୍ଧବ, ଜା-ତଷା, ଗ୍ରା-ନିଳଗାଁ
	ପିଡିରି	୨୪୩୪	ବେସରକାରୀ	ଶାରଦ-୩	୦.୦୩୦	ଗୋବର୍ଦ୍ଧନ ସ୍ୱାଇଁ, ପି-ଶ୍ୟାମ ସ୍ୱାଇଁ, ରାଧୁ ସ୍ୱାଇଁ, ପି-କଣ୍ଠ, ଶ୍ରୀନିବାସ ସ୍ୱାଇଁ, ପି-କୃଷ୍ଣ, ହରମୋହନ ସ୍ୱାଇଁ, ପି-ଦାମୋଦର ସ୍ୱାଇଁ, ଜା-ତଷା, ଗ୍ରା-ନିଳଗାଁ
	ପିଡିରି	୨୪୩୫	ବେସରକାରୀ	ଶାରଦ-୩	୦.୦୫୦	ଗୋବର୍ଦ୍ଧନ ସ୍ୱାଇଁ, ପି-ଶ୍ୟାମ ସ୍ୱାଇଁ, ରାଧୁ ସ୍ୱାଇଁ, ପି-କଣ୍ଠ, ଶ୍ରୀନିବାସ ସ୍ୱାଇଁ, ପି-କୃଷ୍ଣ, ହରମୋହନ ସ୍ୱାଇଁ, ପି-ଦାମୋଦର ସ୍ୱାଇଁ, ଜା-ତଷା, ଗ୍ରା-ନିଳଗାଁ
	ପିଡିରି	୨୪୩୭	ବେସରକାରୀ	ଶାରଦ-୩	୦.୦୨୦	ଗୌରାଙ୍ଗ ଚରଣ ସ୍ୱାଇଁ, ପି-ଭାଗୀରଥି, ଉମେଶ ସ୍ୱାଇଁ, ପି-ଫକୀର, ଜା-ତଷା, ଗ୍ରା-ନିଳଗାଁ
	ପିଡିରି	୨୪୪୦	ବେସରକାରୀ	ଶାରଦ-୩	୦.୦୫୦	ଜଗନ୍ନାଥ ସ୍ୱାଇଁ, ପି-ହାଡ଼ିବନ୍ଧୁ, ବୃନ୍ଦାବନ ସ୍ୱାଇଁ, ଗ୍ରା-ହାଡ଼ିବନ୍ଧୁ ସ୍ୱାଇଁ, ଜା-ତଷା, ଗ୍ରା-ନିଳଗାଁ
	ପିଡିରି	୨୪୪୧	ବେସରକାରୀ	ଶାରଦ-୩	୦.୦୩୦	ଜଗନ୍ନାଥ ସ୍ୱାଇଁ, ପି-ହାଡ଼ିବନ୍ଧୁ, ବୃନ୍ଦାବନ ସ୍ୱାଇଁ, ଗ୍ରା-ହାଡ଼ିବନ୍ଧୁ ସ୍ୱାଇଁ, ଜା-ତଷା, ଗ୍ରା-ନିଳଗାଁ
	ପିଡିରି	୨୪୪୨	ବେସରକାରୀ	ଶାରଦ-୩	୦.୧୬୦	ଜଗନ୍ନାଥ ସ୍ୱାଇଁ, ପି-ହାଡ଼ିବନ୍ଧୁ, ବୃନ୍ଦାବନ ସ୍ୱାଇଁ, ଗ୍ରା-ହାଡ଼ିବନ୍ଧୁ ସ୍ୱାଇଁ, ଜା-ତଷା, ଗ୍ରା-ନିଳଗାଁ
	ପିଡିରି	୨୪୪୩	ବେସରକାରୀ	ଡଳୁଆ-୨	୦.୧୧୦	ହରମୋହନ ସ୍ୱାଇଁ, ପି-ଦମୋଦର ସ୍ୱାଇଁ, ଶ୍ରୀନିବାସ ସ୍ୱାଇଁ, ପି-କୃଷ୍ଣ, ବାବୁ ସ୍ୱାଇଁ, ପି-ଦେବ, ଯୁଧିଷ୍ଠିର ସ୍ୱାଇଁ, ପି-ଦେବ, ଜା-ତଷା, ଗ୍ରା-ନିଳଗାଁ
	ପିଡିରି	୨୪୪୭	ବେସରକାରୀ	ଡଳୁଆ-୨	୦.୦୬୦	ବାଇଧର ସାହୁ, ଉଦାହ ସାହୁ, ସତ୍ୟବାଦୀ ସାହୁ, ପି-ଗୋପାଳ ସାହୁ, ଜା-ତଷା, ଗ୍ରା-ନିଳଗାଁ
	ପିଡିରି	୨୪୪୮	ବେସରକାରୀ	ଡଳୁଆ-୨	୦.୦୬୦	ଗୌରାଙ୍ଗ ଚରଣ ସ୍ୱାଇଁ, ପି-ଭାଗୀରଥି ସ୍ୱାଇଁ, ଜା-ତଷା, ଗ୍ରା-ନିଳଗାଁ
	ପିଡିରି	୨୪୫୬	ବେସରକାରୀ	ଶାରଦ-୨	୦.୦୫୦	ପୁରୁଷୋତ୍ତମ ସାହୁ, ଦଣ୍ଡପାଣି ସାହୁ, ଧରଣୀଧର ସାହୁ, ପି-ଲକ୍ଷ୍ମୀଧର ସାହୁ, ଜା-ତଷା, ଗ୍ରା-ନିଳଗାଁ
	ପିଡିରି	୨୪୫୭	ବେସରକାରୀ	ଡଳୁଆ-୨	୦.୦୩୦	ରମେଶ ସ୍ୱାଇଁ, ପି-ଫକୀର ସ୍ୱାଇଁ, ଜା-ତଷା, ଗ୍ରା-ନିଳଗାଁ
	ପିଡିରି	୨୪୫୮	ବେସରକାରୀ	ପଡ଼ିଆ	୦.୦୩୦	ରମେଶ ସ୍ୱାଇଁ, ପି-ଫକୀର ସ୍ୱାଇଁ, ଜା-ତଷା, ଗ୍ରା-ନିଳଗାଁ
	ପିଡିରି	୨୪୫୯	ବେସରକାରୀ	ଶାରଦ-୩	୦.୦୪୦	ଗୋବର୍ଦ୍ଧନ ସ୍ୱାଇଁ, ପି-ଶ୍ୟାମ ସ୍ୱାଇଁ, ରାଧୁ ସ୍ୱାଇଁ, ପି-କଣ୍ଠ, ଜା-ତଷା, ଗ୍ରା-ନିଳଗାଁ
	ପିଡିରି	୨୫୦୦	ବେସରକାରୀ	ପଡ଼ିଆ	୦.୦୪୦	ଯୋଗୁ ସ୍ୱାଇଁ, ପି-କଣ୍ଠ ସ୍ୱାଇଁ, ଶ୍ରୀଧର ସ୍ୱାଇଁ, ଦିବାକର ସ୍ୱାଇଁ, ପି-ବିଶ୍ୱନାଥ ସ୍ୱାଇଁ, ଜା-ତଷା, ଗ୍ରା-ନିଳଗାଁ
	ପିଡିରି	୨୫୦୧	ବେସରକାରୀ	ପଡ଼ିଆ	୦.୦୫୦	ଲୋକନାଥ ସ୍ୱାଇଁ, ବାଇଧର ସ୍ୱାଇଁ, ନାଥ ସ୍ୱାଇଁ, ଲକ୍ଷ୍ମଣ ସ୍ୱାଇଁ, ପି-ଭୁବନ ସ୍ୱାଇଁ, ବଟା ସ୍ୱାଇଁ, ଅର୍ଜୁନ ସ୍ୱାଇଁ, ପି-କୃଷ୍ଣ ସ୍ୱାଇଁ, ହେମନ୍ତ ସ୍ୱାଇଁ, ପି-ଲକ୍ଷଣ ସ୍ୱାଇଁ, ବାମା ସ୍ୱାଇଁ, ପି-ଲକ୍ଷଣ ସ୍ୱାଇଁ, ଜା-ତଷା, ଗ୍ରା-ନିଳଗାଁ
	ପିଡିରି	୨୫୦୨	ବେସରକାରୀ	ପଡ଼ିଆ	୦.୦୮୦	ଯୁଗଲକିଶୋର ସ୍ୱାଇଁ, ପି-ଜିତାମନ ସ୍ୱାଇଁ, ମାଧୁରି ସ୍ୱାଇଁ, ପି-ଗୁରୁ, ମିଶୁ ସ୍ୱାଇଁ, ପି-ନାଥ, ଜା-ତଷା, ଗ୍ରା-ନିଳଗାଁ
	ପିଡିରି	୨୫୦୩	ବେସରକାରୀ	ଶାରଦ-୩	୦.୦୫୦	ଭିଖାରୀ ସ୍ୱାଇଁ, ପି-ରାଧାମୋହନ, ଜା-ତଷା, ଗ୍ରା-ନିଳଗାଁ
	ପିଡିରି	୨୫୦୪	ବେସରକାରୀ	ଶାରଦ-୩	୦.୦୩୦	ଯୁଗଲକିଶୋର ସ୍ୱାଇଁ, ପି-ଜିତାମନ ସ୍ୱାଇଁ, ମାଧୁରି ସ୍ୱାଇଁ, ପି-ଗୁରୁ, ମିଶୁ ସ୍ୱାଇଁ, ପି-ନାଥ, ଜା-ତଷା, ଗ୍ରା-ନିଳଗାଁ
	ପିଡିରି	୨୫୧୮	ବେସରକାରୀ	ଡଳୁଆ -୧	୦.୦୩୦	ଲୋକନାଥ ସ୍ୱାଇଁ, ବାଇଧର ସ୍ୱାଇଁ, ନାଥ ସ୍ୱାଇଁ, ଲକ୍ଷ୍ମଣ ସ୍ୱାଇଁ, ପି-ଭୁବନ ସ୍ୱାଇଁ, ବଟା ସ୍ୱାଇଁ, ଅର୍ଜୁନ ସ୍ୱାଇଁ, ପି-କୃଷ୍ଣ ସ୍ୱାଇଁ, ହେମନ୍ତ ସ୍ୱାଇଁ, ପି-ଲକ୍ଷଣ ସ୍ୱାଇଁ, ବାମା ସ୍ୱାଇଁ, ପି-ଲକ୍ଷଣ ସ୍ୱାଇଁ, ଜା-ତଷା, ଗ୍ରା-ନିଳଗାଁ
	ପିଡିରି	୨୫୧୯	ବେସରକାରୀ	ଡଳୁଆ-୧	୦.୧୨୦	ଯୋଗୁ ସ୍ୱାଇଁ, ପି-କଣ୍ଠ, ଜା-ତଷା, ଗ୍ରା-ନିଳଗାଁ
	ପିଡିରି	୨୫୨୦	ବେସରକାରୀ	ଶାରଦ-୩	୦.୦୬୦	ଶ୍ରୀନିବାସ ସ୍ୱାଇଁ, ପି-କୃଷ୍ଣ,ଜା-ତଷା, ଗ୍ରା-ନିଳଗାଁ
	ପିଡିରି	୨୫୨୧	ବେସରକାରୀ	ଶାରଦ-୩	୦.୦୫୦	ଲିଲି ପ୍ରଧାନ, ସ୍ୱା-ଲକ୍ଷ୍ମଣ ପ୍ରଧାନ, ଜା-ମାଳୀ, ଗ୍ରା-ନାଉଗଡ଼, ଜଗତସିଂହପୁର
	ପିଡିରି	୨୫୨୩	ବେସରକାରୀ	ଶାରଦ-୩	୦.୧୫୦	ଯୁଗଲକିଶୋର ସ୍ୱାଇଁ, ପି-ଜିତାମନ ସ୍ୱାଇଁ, ମାଧୁରି ସ୍ୱାଇଁ, ପି-ଗୁରୁ, ମିଶୁ ସ୍ୱାଇଁ, ପି-ନାଥ, ଜା-ତଷା, ଗ୍ରା-ନିଳଗାଁ
	ପିଡିରି	୨୫୨୪	ସରକାରୀ	ପଡ଼ିଆ	୦.୦୧୦	ଆବାଦଯୋଗ୍ୟ ଅନାବାଦୀ
	ପିଡିରି	୧୬୫/୨୫୯୦	ସରକାରୀ	ଗୋଚର	୦.୪୪୦	ରକ୍ଷିତ
	ପିଡିରି	୧୬୫/୨୫୯୦	ସରକାରୀ	ଗୋଚର	୦.୨୫୦	ରକ୍ଷିତ
	ପିଡିରି	୧୦୧୬/୨୬୩୫	ବେସରକାରୀ	ଶାରଦ-୩	୦.୦୬୦	ଲକ୍ଷ୍ମଣ ରାଉତ, ପି-କାଶୀନାଥ ରାଉତ, ଜା-ଗୋପାଳ, ଗ୍ରା-ନିଳଗାଁ
	ପିଡିରି	୧୦୬୪/୨୬୪୮	ବେସରକାରୀ	ଶାରଦ-୩	୦.୦୫୦	କେଶବ ବେହେରା, ପି-ହାଡ଼ିବନ୍ଧୁ ବେହେରା, ଜା-ଗୋପାଳ, ଗ୍ରା-ନିଳଗାଁ
	ପିଡିରି	୯୭୫/୨୬୬୧	ବେସରକାରୀ	ଶାରଦ-୩	୦.୦୫୦	ବାବି ବେହେରା, ପି-ଲକ୍ଷ୍ମଣ ବେହେରା, ଜା-ଗୋପାଳ, ଗ୍ରା-ନିଳଗାଁ
	ପିଡିରି	୨୯୯/୨୭୦୨	ବେସରକାରୀ	ଶାରଦ-୩	୦.୦୪୦	ଚାହିଆଣି ଭୂଇଁଆ, ଗ୍ରା-ଶ୍ରୀନିବାସ ଭୂଇଁଆ, ଭଗବାନ ଭୂଇଁଆ, ଲଳିତା ଭୂଇଁଆ, ଦେବେନ ଭୂଇଁଆ, ଚକ୍ରଧି ଭୂଇଁଆ, ଅନନ୍ତ ଭୂଇଁଆ, ନାଗ ଭୂଇଁଆ, ପି-ଶ୍ରୀନିବାସ ଭୂଇଁଆ, ମୁରଲୀ ଭୂଇଁଆ, ପଞ୍ଚାନନ ଭୂଇଁଆ, ପି-ଲକ୍ଷ୍ମଣ ଭୂଇଁଆ, ପୁରୁଷୋତ୍ତମ ଭୂଇଁଆ, ଶରତ ଭୂଇଁଆ, ଶ୍ୟାମ ଭୂଇଁଆ, ପି-ଧିନୁ ଭୂଇଁଆ, ଭଗବାନ ଭୂଇଁଆ, ରେଭ ଭୂଇଁଆ, ଗୋପାଳ ଭୂଇଁଆ, ଗୌରାଙ୍ଗ ଭୂଇଁଆ, ପି-ଦେନୁଆ ଭୂଇଁଆ, ଅଭିମନ୍ୟୁ ଭୂଇଁଆ, ବଂଶୀଧର ଭୂଇଁଆ, ଅଭୟ ଭୂଇଁଆ, ଦୁର୍ଯ୍ୟୋଧନ ଭୂଇଁଆ, ପି-ଟଙ୍ଗ, ଜା-ଗୋପାଳ, ଗ୍ରା-ନିଳଗାଁ
	ପିଡିରି	୯୯୪/୨୬୬୧	ବେସରକାରୀ	ଶାରଦ-୩	୦.୦୪୦	ନନ୍ଦକୁମାର ଭୂଇଁଆ, ଭକ୍ତ ଭୂଇଁଆ, ନାଡ ଭୂଇଁଆ, ପି-ଭୁଜଙ୍ଗ ଭୂଇଁଆ, ଜା-ଗୋପାଳ, ଗ୍ରା-ନିଳଗାଁ
	ପିଡିରି	୪୮୦/୨୭୫୫	ବେସରକାରୀ	ଶାରଦ-୩	୦.୦୬୦	କୃଷ୍ଣଚନ୍ଦ୍ର ରାଉତ, ପି-ରାଜେନ୍ଦ୍ର, ଗ୍ରା-ପୁରୁଷୋତ୍ତମ, ମୁରଲୀ ରାଉତ, ପି-ଶଙ୍କର ରାଉତ, ଗୋପାଳ ରାଉତ, ପି-ନୀଳମଣି ରାଉତ, ନିରଞ୍ଜନ ରାଉତ, ପି-ଗୋବିନ୍ଦ ରାଉତ, ଜଗନ୍ନାଥ ରାଉତ, ଗଙ୍ଗାଧର ରାଉତ, ବୈଷ୍ଣବ ରାଉତ, ପି-ଗୋବିନ୍ଦ ରାଉତ, ଜା-ଗୋପାଳ, ଗ୍ରା-ନିଳଗାଁ
	ପିଡିରି	୧୯୮୬/୨୯୬୭	ବେସରକାରୀ	ଶାରଦ-୩	୦.୦୧୦	ଯୋଗୁ ସ୍ୱାଇଁ, ପି-କଣ୍ଠ, ଜା-ତଷା, ଗ୍ରା-ନିଳଗାଁ
[F. No. NHAI/BOT/11012/58/2005/PT./LA/NH-200]
(S.S. GULIA)Deputy Secretary to Govt. of India
ଏହାର ଅବଶିଷ୍ଟାଂଶ ଦୈନିକ ଆଜିର 'ସମ୍ବାଦ'ରେ ପ୍ରକାଶିତ
